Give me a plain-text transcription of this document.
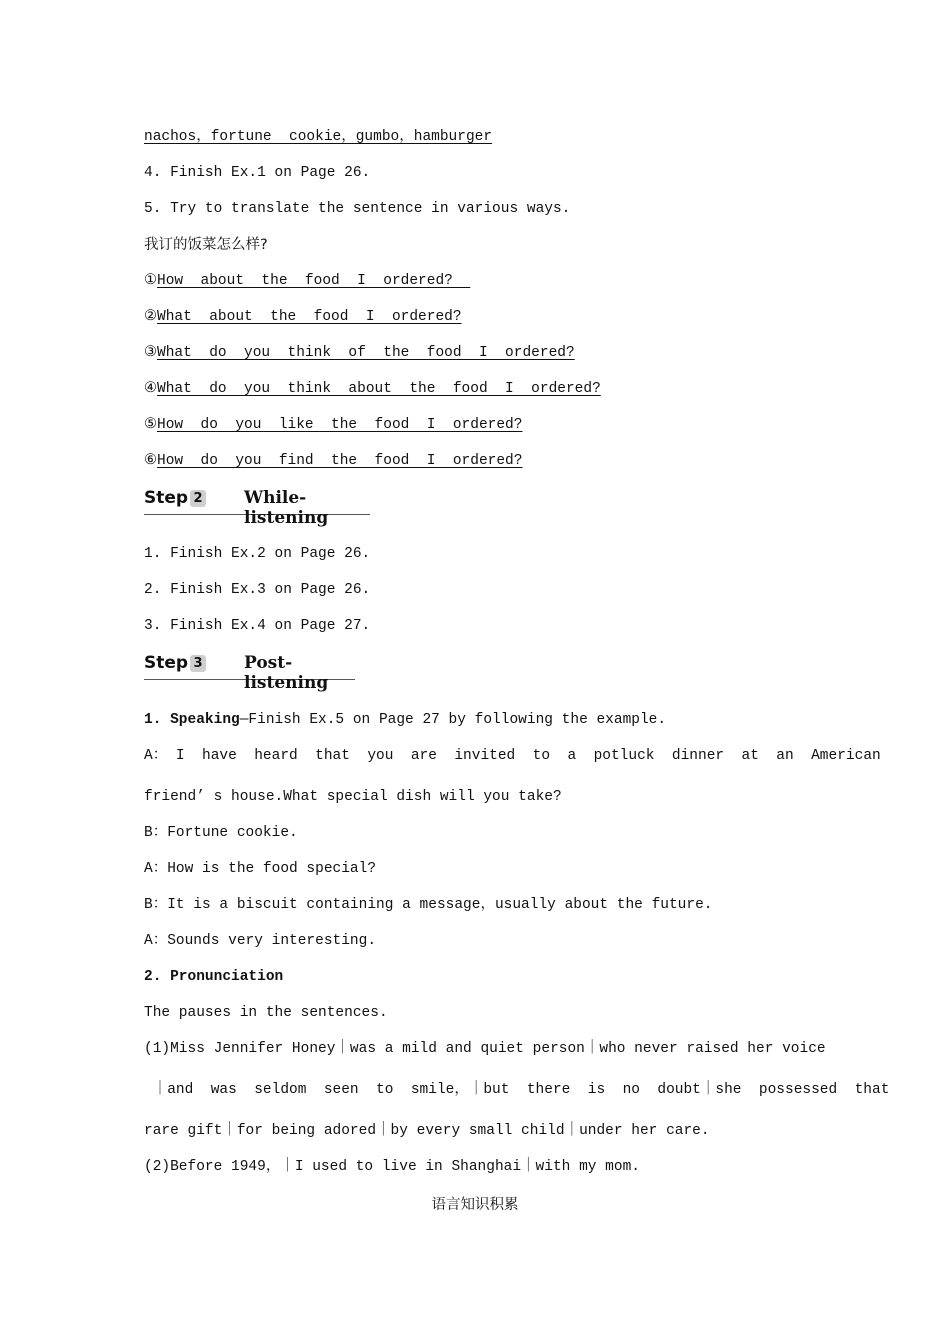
nachos，fortune  cookie，gumbo，hamburger

4. Finish Ex.1 on Page 26.

5. Try to translate the sentence in various ways.

我订的饭菜怎么样?

①How  about  the  food  I  ordered?

②What  about  the  food  I  ordered?

③What  do  you  think  of  the  food  I  ordered?

④What  do  you  think  about  the  food  I  ordered?

⑤How  do  you  like  the  food  I  ordered?

⑥How  do  you  find  the  food  I  ordered?

Step 2 While-listening

1. Finish Ex.2 on Page 26.

2. Finish Ex.3 on Page 26.

3. Finish Ex.4 on Page 27.

Step 3 Post-listening

1. Speaking—Finish Ex.5 on Page 27 by following the example.

A： I  have  heard  that  you  are  invited  to  a  potluck  dinner  at  an  American

friend’ s house.What special dish will you take?

B：Fortune cookie.

A：How is the food special?

B：It is a biscuit containing a message，usually about the future.

A：Sounds very interesting.

2. Pronunciation

The pauses in the sentences.

(1)Miss Jennifer Honey｜was a mild and quiet person｜who never raised her voice

｜and  was  seldom  seen  to  smile，｜but  there  is  no  doubt｜she  possessed  that

rare gift｜for being adored｜by every small child｜under her care.

(2)Before 1949，｜I used to live in Shanghai｜with my mom.

语言知识积累
